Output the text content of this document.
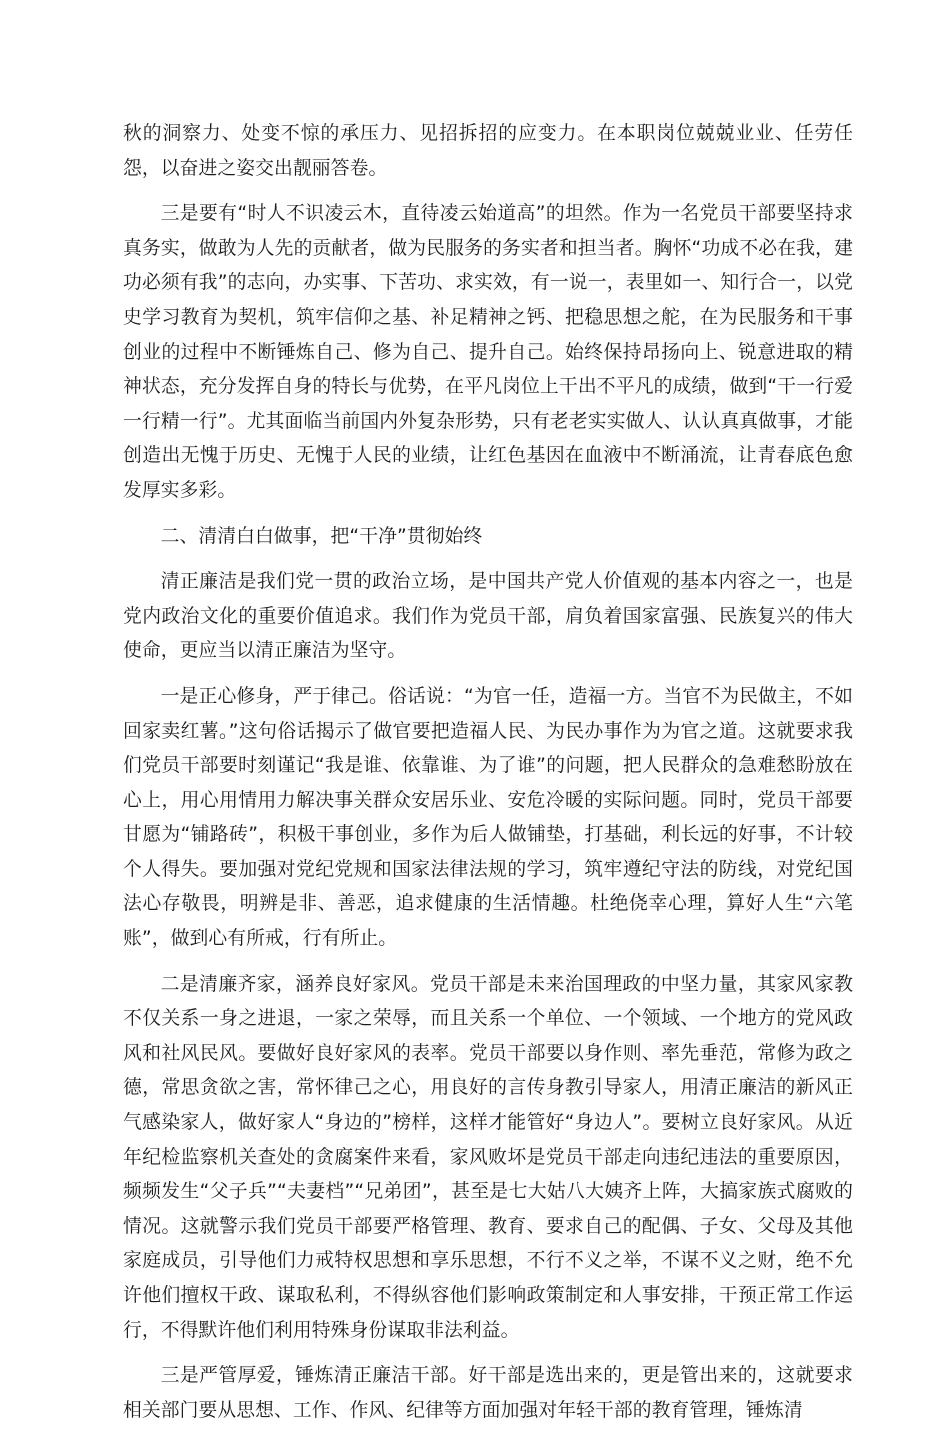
秋的洞察力、处变不惊的承压力、见招拆招的应变力。在本职岗位兢兢业业、任劳任怨，以奋进之姿交出靓丽答卷。

三是要有“时人不识凌云木，直待凌云始道高”的坦然。作为一名党员干部要坚持求真务实，做敢为人先的贡献者，做为民服务的务实者和担当者。胸怀“功成不必在我，建功必须有我”的志向，办实事、下苦功、求实效，有一说一，表里如一、知行合一，以党史学习教育为契机，筑牢信仰之基、补足精神之钙、把稳思想之舵，在为民服务和干事创业的过程中不断锤炼自己、修为自己、提升自己。始终保持昂扬向上、锐意进取的精神状态，充分发挥自身的特长与优势，在平凡岗位上干出不平凡的成绩，做到“干一行爱一行精一行”。尤其面临当前国内外复杂形势，只有老老实实做人、认认真真做事，才能创造出无愧于历史、无愧于人民的业绩，让红色基因在血液中不断涌流，让青春底色愈发厚实多彩。

二、清清白白做事，把“干净”贯彻始终

清正廉洁是我们党一贯的政治立场，是中国共产党人价值观的基本内容之一，也是党内政治文化的重要价值追求。我们作为党员干部，肩负着国家富强、民族复兴的伟大使命，更应当以清正廉洁为坚守。

一是正心修身，严于律己。俗话说：“为官一任，造福一方。当官不为民做主，不如回家卖红薯。”这句俗话揭示了做官要把造福人民、为民办事作为为官之道。这就要求我们党员干部要时刻谨记“我是谁、依靠谁、为了谁”的问题，把人民群众的急难愁盼放在心上，用心用情用力解决事关群众安居乐业、安危冷暖的实际问题。同时，党员干部要甘愿为“铺路砖”，积极干事创业，多作为后人做铺垫，打基础，利长远的好事，不计较个人得失。要加强对党纪党规和国家法律法规的学习，筑牢遵纪守法的防线，对党纪国法心存敬畏，明辨是非、善恶，追求健康的生活情趣。杜绝侥幸心理，算好人生“六笔账”，做到心有所戒，行有所止。

二是清廉齐家，涵养良好家风。党员干部是未来治国理政的中坚力量，其家风家教不仅关系一身之进退，一家之荣辱，而且关系一个单位、一个领域、一个地方的党风政风和社风民风。要做好良好家风的表率。党员干部要以身作则、率先垂范，常修为政之德，常思贪欲之害，常怀律己之心，用良好的言传身教引导家人，用清正廉洁的新风正气感染家人，做好家人“身边的”榜样，这样才能管好“身边人”。要树立良好家风。从近年纪检监察机关查处的贪腐案件来看，家风败坏是党员干部走向违纪违法的重要原因，频频发生“父子兵”“夫妻档”“兄弟团”，甚至是七大姑八大姨齐上阵，大搞家族式腐败的情况。这就警示我们党员干部要严格管理、教育、要求自己的配偶、子女、父母及其他家庭成员，引导他们力戒特权思想和享乐思想，不行不义之举，不谋不义之财，绝不允许他们擅权干政、谋取私利，不得纵容他们影响政策制定和人事安排，干预正常工作运行，不得默许他们利用特殊身份谋取非法利益。

三是严管厚爱，锤炼清正廉洁干部。好干部是选出来的，更是管出来的，这就要求相关部门要从思想、工作、作风、纪律等方面加强对年轻干部的教育管理，锤炼清
